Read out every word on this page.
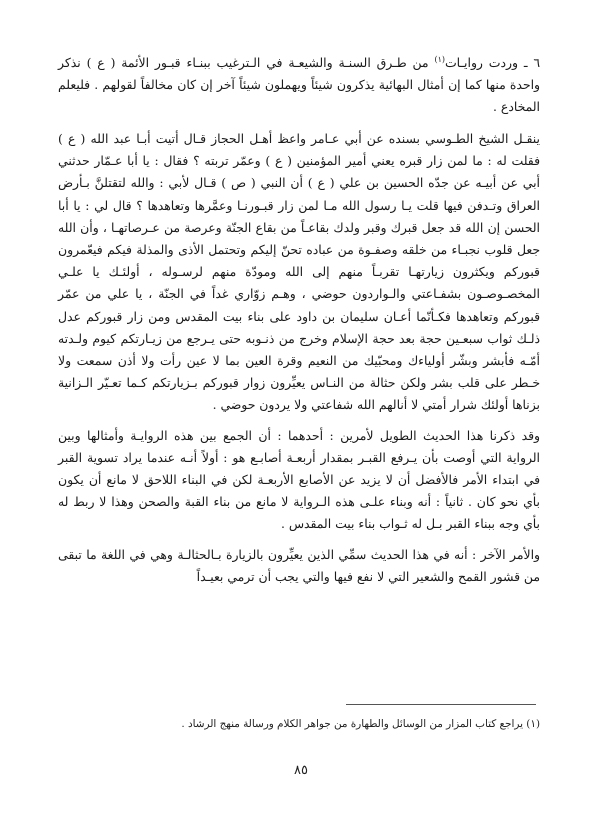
٦ ـ وردت روايـات$^{(١)}$ من طـرق السنـة والشيعـة في الـترغيب ببنـاء قبـور الأئمة ( ع ) نذكر واحدة منها كما إن أمثال البهائية يذكرون شيئاً ويهملون شيئاً آخر إن كان مخالفاً لقولهم . فليعلم المخادع .

ينقـل الشيخ الطـوسي بسنده عن أبي عـامر واعظ أهـل الحجاز قـال أتيت أبـا عبد الله ( ع ) فقلت له : ما لمن زار قبره يعني أمير المؤمنين ( ع ) وعمّر تربته ؟ فقال : يا أبا عـمّار حدثني أبي عن أبيـه عن جدّه الحسين بن علي ( ع ) أن النبي ( ص ) قـال لأبي : والله لتقتلنَّ بـأرض العراق وتـدفن فيها قلت يـا رسول الله مـا لمن زار قبـورنـا وعمَّرها وتعاهدها ؟ قال لي : يا أبا الحسن إن الله قد جعل قبرك وقبر ولدك بقاعـاً من بقاع الجنّة وعرصة من عـرصاتهـا ، وأن الله جعل قلوب نجبـاء من خلقه وصفـوة من عباده تحنّ إليكم وتحتمل الأذى والمذلة فيكم فيعّمرون قبوركم ويكثرون زيارتهـا تقربـاً منهم إلى الله ومودّة منهم لرسـوله ، أولئـك يا علـي المخصـوصـون بشفـاعتي والـواردون حوضي ، وهـم زوّاري غداً في الجنّة ، يا علي من عمّر قبوركم وتعاهدها فكـأنّما أعـان سليمان بن داود على بناء بيت المقدس ومن زار قبوركم عدل ذلـك ثواب سبعـين حجة بعد حجة الإسلام وخرج من ذنـوبه حتى يـرجع من زيـارتكم كيوم ولـدته أمّـه فأبشر وبشّر أولياءك ومحبّيك من النعيم وقرة العين بما لا عين رأت ولا أذن سمعت ولا خـطر على قلب بشر ولكن حثالة من النـاس يعيِّرون زوار قبوركم بـزيارتكم كـما تعـيّر الـزانية بزناها أولئك شرار أمتي لا أنالهم الله شفاعتي ولا يردون حوضي .

وقد ذكرنا هذا الحديث الطويل لأمرين : أحدهما : أن الجمع بين هذه الروايـة وأمثالها وبين الرواية التي أوصت بأن يـرفع القبـر بمقدار أربعـة أصابـع هو : أولاً أنـه عندما يراد تسوية القبر في ابتداء الأمر فالأفضل أن لا يزيد عن الأصابع الأربعـة لكن في البناء اللاحق لا مانع أن يكون بأي نحو كان . ثانياً : أنه وبناء علـى هذه الـرواية لا مانع من بناء القبة والصحن وهذا لا ربط له بأي وجه ببناء القبر بـل له ثـواب بناء بيت المقدس .

والأمر الآخر : أنه في هذا الحديث سمِّي الذين يعيِّرون بالزيارة بـالحثالـة وهي في اللغة ما تبقى من قشور القمح والشعير التي لا نفع فيها والتي يجب أن ترمي بعيـداً

(١) يراجع كتاب المزار من الوسائل والطهارة من جواهر الكلام ورسالة منهج الرشاد .
٨٥
